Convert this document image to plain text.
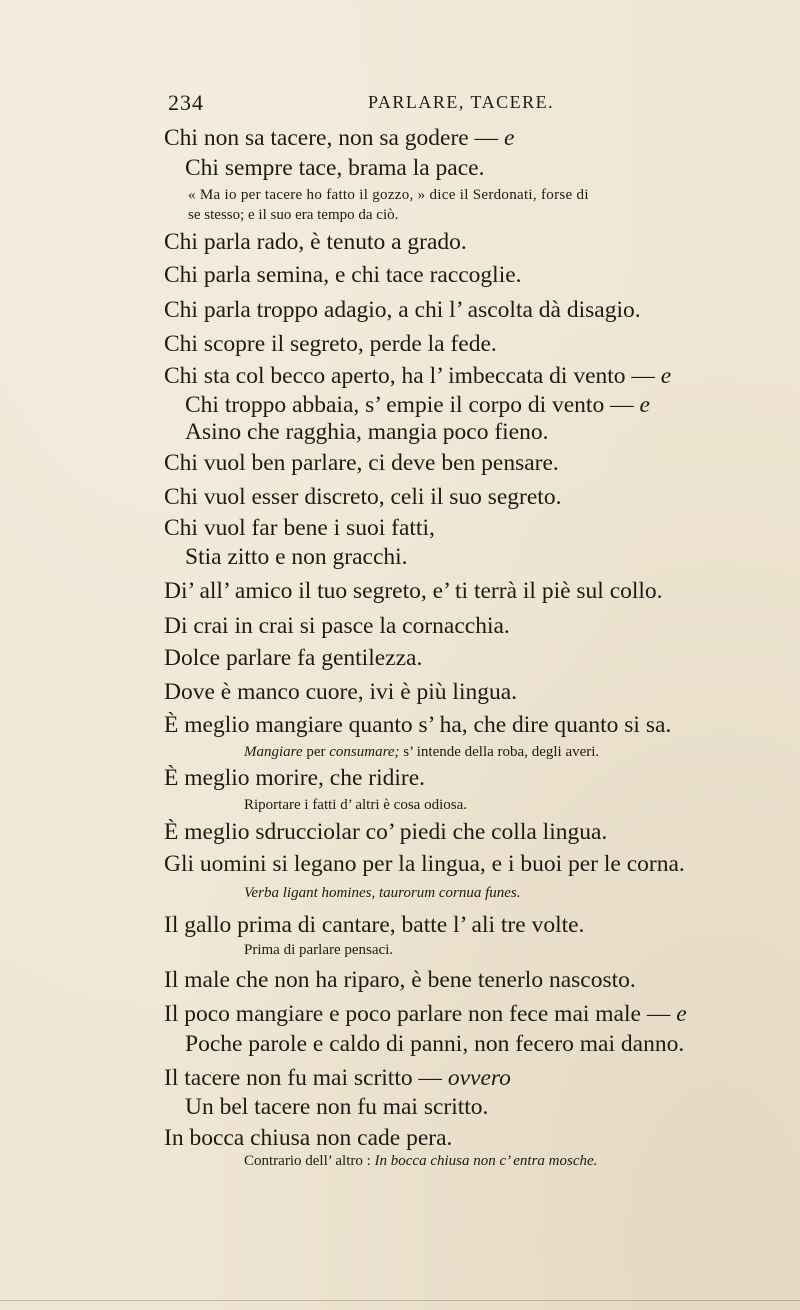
234	PARLARE, TACERE.
Chi non sa tacere, non sa godere — e
Chi sempre tace, brama la pace.
« Ma io per tacere ho fatto il gozzo, » dice il Serdonati, forse di
se stesso; e il suo era tempo da ciò.
Chi parla rado, è tenuto a grado.
Chi parla semina, e chi tace raccoglie.
Chi parla troppo adagio, a chi l’ ascolta dà disagio.
Chi scopre il segreto, perde la fede.
Chi sta col becco aperto, ha l’ imbeccata di vento — e
Chi troppo abbaia, s’ empie il corpo di vento — e
Asino che ragghia, mangia poco fieno.
Chi vuol ben parlare, ci deve ben pensare.
Chi vuol esser discreto, celi il suo segreto.
Chi vuol far bene i suoi fatti,
Stia zitto e non gracchi.
Di’ all’ amico il tuo segreto, e’ ti terrà il piè sul collo.
Di crai in crai si pasce la cornacchia.
Dolce parlare fa gentilezza.
Dove è manco cuore, ivi è più lingua.
È meglio mangiare quanto s’ ha, che dire quanto si sa.
Mangiare per consumare; s’ intende della roba, degli averi.
È meglio morire, che ridire.
Riportare i fatti d’ altri è cosa odiosa.
È meglio sdrucciolar co’ piedi che colla lingua.
Gli uomini si legano per la lingua, e i buoi per le corna.
Verba ligant homines, taurorum cornua funes.
Il gallo prima di cantare, batte l’ ali tre volte.
Prima di parlare pensaci.
Il male che non ha riparo, è bene tenerlo nascosto.
Il poco mangiare e poco parlare non fece mai male — e
Poche parole e caldo di panni, non fecero mai danno.
Il tacere non fu mai scritto — ovvero
Un bel tacere non fu mai scritto.
In bocca chiusa non cade pera.
Contrario dell’ altro : In bocca chiusa non c’ entra mosche.
